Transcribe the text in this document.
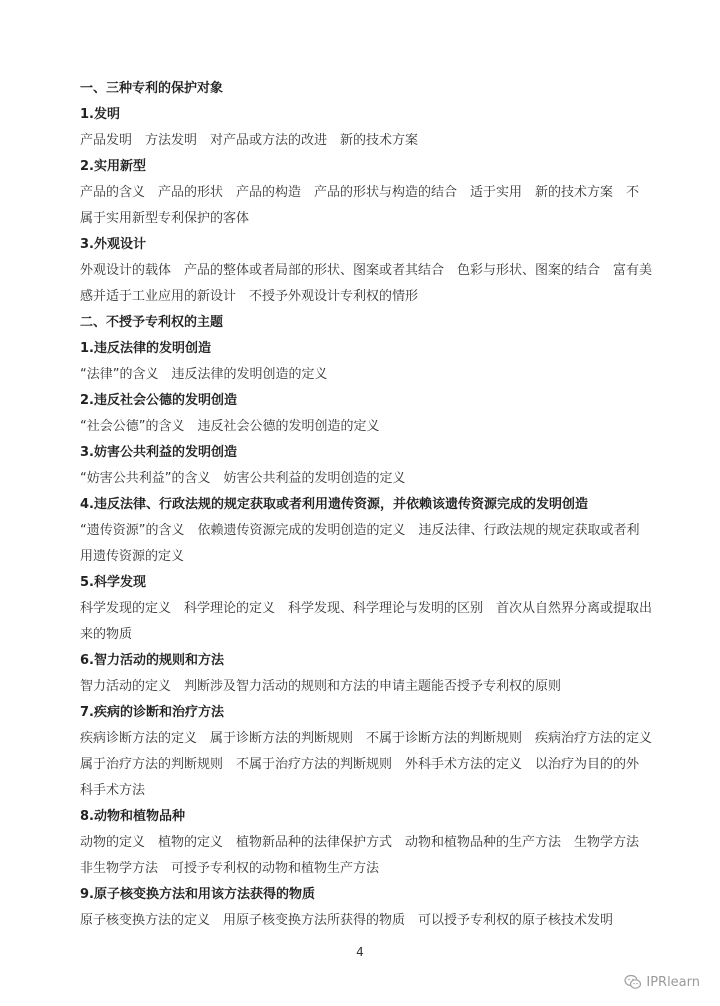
一、三种专利的保护对象
1.发明
产品发明　方法发明　对产品或方法的改进　新的技术方案
2.实用新型
产品的含义　产品的形状　产品的构造　产品的形状与构造的结合　适于实用　新的技术方案　不
属于实用新型专利保护的客体
3.外观设计
外观设计的载体　产品的整体或者局部的形状、图案或者其结合　色彩与形状、图案的结合　富有美
感并适于工业应用的新设计　不授予外观设计专利权的情形
二、不授予专利权的主题
1.违反法律的发明创造
“法律”的含义　违反法律的发明创造的定义
2.违反社会公德的发明创造
“社会公德”的含义　违反社会公德的发明创造的定义
3.妨害公共利益的发明创造
“妨害公共利益”的含义　妨害公共利益的发明创造的定义
4.违反法律、行政法规的规定获取或者利用遗传资源，并依赖该遗传资源完成的发明创造
“遗传资源”的含义　依赖遗传资源完成的发明创造的定义　违反法律、行政法规的规定获取或者利
用遗传资源的定义
5.科学发现
科学发现的定义　科学理论的定义　科学发现、科学理论与发明的区别　首次从自然界分离或提取出
来的物质
6.智力活动的规则和方法
智力活动的定义　判断涉及智力活动的规则和方法的申请主题能否授予专利权的原则
7.疾病的诊断和治疗方法
疾病诊断方法的定义　属于诊断方法的判断规则　不属于诊断方法的判断规则　疾病治疗方法的定义
属于治疗方法的判断规则　不属于治疗方法的判断规则　外科手术方法的定义　以治疗为目的的外
科手术方法
8.动物和植物品种
动物的定义　植物的定义　植物新品种的法律保护方式　动物和植物品种的生产方法　生物学方法
非生物学方法　可授予专利权的动物和植物生产方法
9.原子核变换方法和用该方法获得的物质
原子核变换方法的定义　用原子核变换方法所获得的物质　可以授予专利权的原子核技术发明
4
IPRlearn
